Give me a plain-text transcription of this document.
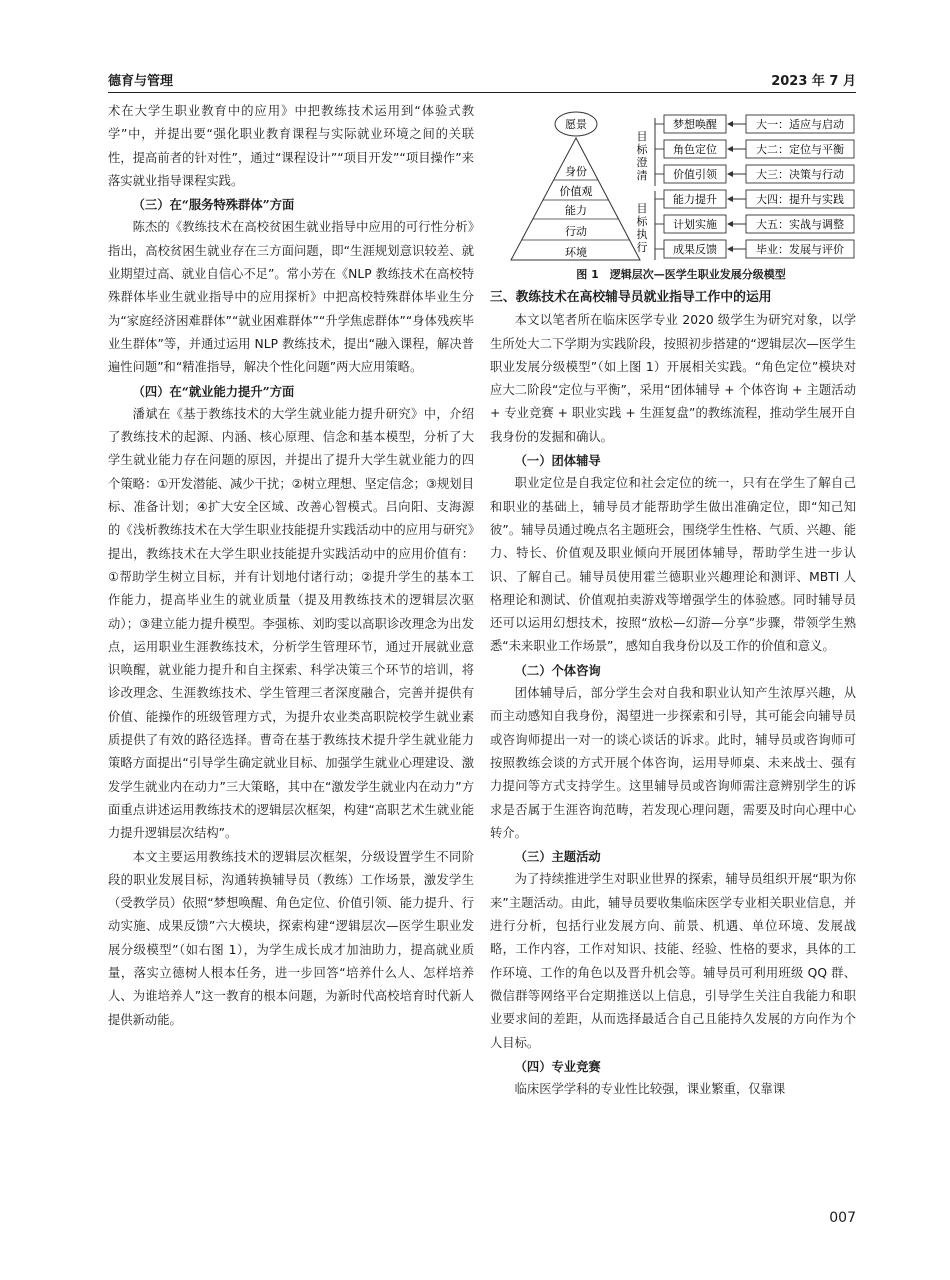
德育与管理	2023 年 7 月

术在大学生职业教育中的应用》中把教练技术运用到“体验式教学”中，并提出要“强化职业教育课程与实际就业环境之间的关联性，提高前者的针对性”，通过“课程设计”“项目开发”“项目操作”来落实就业指导课程实践。

（三）在“服务特殊群体”方面

陈杰的《教练技术在高校贫困生就业指导中应用的可行性分析》指出，高校贫困生就业存在三方面问题，即“生涯规划意识较差、就业期望过高、就业自信心不足”。常小芳在《NLP 教练技术在高校特殊群体毕业生就业指导中的应用探析》中把高校特殊群体毕业生分为“家庭经济困难群体”“就业困难群体”“升学焦虑群体”“身体残疾毕业生群体”等，并通过运用 NLP 教练技术，提出“融入课程，解决普遍性问题”和“精准指导，解决个性化问题”两大应用策略。

（四）在“就业能力提升”方面

潘斌在《基于教练技术的大学生就业能力提升研究》中，介绍了教练技术的起源、内涵、核心原理、信念和基本模型，分析了大学生就业能力存在问题的原因，并提出了提升大学生就业能力的四个策略：①开发潜能、减少干扰；②树立理想、坚定信念；③规划目标、准备计划；④扩大安全区域、改善心智模式。吕向阳、支海源的《浅析教练技术在大学生职业技能提升实践活动中的应用与研究》提出，教练技术在大学生职业技能提升实践活动中的应用价值有：①帮助学生树立目标，并有计划地付诸行动；②提升学生的基本工作能力，提高毕业生的就业质量（提及用教练技术的逻辑层次驱动）；③建立能力提升模型。李强栋、刘昀雯以高职诊改理念为出发点，运用职业生涯教练技术，分析学生管理环节，通过开展就业意识唤醒，就业能力提升和自主探索、科学决策三个环节的培训，将诊改理念、生涯教练技术、学生管理三者深度融合，完善并提供有价值、能操作的班级管理方式，为提升农业类高职院校学生就业素质提供了有效的路径选择。曹奇在基于教练技术提升学生就业能力策略方面提出“引导学生确定就业目标、加强学生就业心理建设、激发学生就业内在动力”三大策略，其中在“激发学生就业内在动力”方面重点讲述运用教练技术的逻辑层次框架，构建“高职艺术生就业能力提升逻辑层次结构”。

本文主要运用教练技术的逻辑层次框架，分级设置学生不同阶段的职业发展目标，沟通转换辅导员（教练）工作场景，激发学生（受教学员）依照“梦想唤醒、角色定位、价值引领、能力提升、行动实施、成果反馈”六大模块，探索构建“逻辑层次—医学生职业发展分级模型”（如右图 1），为学生成长成才加油助力，提高就业质量，落实立德树人根本任务，进一步回答“培养什么人、怎样培养人、为谁培养人”这一教育的根本问题，为新时代高校培育时代新人提供新动能。

愿景
身份
价值观
能力
行动
环境
目标澄清
目标执行
梦想唤醒	大一：适应与启动
角色定位	大二：定位与平衡
价值引领	大三：决策与行动
能力提升	大四：提升与实践
计划实施	大五：实战与调整
成果反馈	毕业：发展与评价
图 1　逻辑层次—医学生职业发展分级模型
三、教练技术在高校辅导员就业指导工作中的运用

本文以笔者所在临床医学专业 2020 级学生为研究对象，以学生所处大二下学期为实践阶段，按照初步搭建的“逻辑层次—医学生职业发展分级模型”（如上图 1）开展相关实践。“角色定位”模块对应大二阶段“定位与平衡”，采用“团体辅导 + 个体咨询 + 主题活动 + 专业竞赛 + 职业实践 + 生涯复盘”的教练流程，推动学生展开自我身份的发掘和确认。

（一）团体辅导

职业定位是自我定位和社会定位的统一，只有在学生了解自己和职业的基础上，辅导员才能帮助学生做出准确定位，即“知己知彼”。辅导员通过晚点名主题班会，围绕学生性格、气质、兴趣、能力、特长、价值观及职业倾向开展团体辅导，帮助学生进一步认识、了解自己。辅导员使用霍兰德职业兴趣理论和测评、MBTI 人格理论和测试、价值观拍卖游戏等增强学生的体验感。同时辅导员还可以运用幻想技术，按照“放松—幻游—分享”步骤，带领学生熟悉“未来职业工作场景”，感知自我身份以及工作的价值和意义。

（二）个体咨询

团体辅导后，部分学生会对自我和职业认知产生浓厚兴趣，从而主动感知自我身份，渴望进一步探索和引导，其可能会向辅导员或咨询师提出一对一的谈心谈话的诉求。此时，辅导员或咨询师可按照教练会谈的方式开展个体咨询，运用导师桌、未来战士、强有力提问等方式支持学生。这里辅导员或咨询师需注意辨别学生的诉求是否属于生涯咨询范畴，若发现心理问题，需要及时向心理中心转介。

（三）主题活动

为了持续推进学生对职业世界的探索，辅导员组织开展“职为你来”主题活动。由此，辅导员要收集临床医学专业相关职业信息，并进行分析，包括行业发展方向、前景、机遇、单位环境、发展战略，工作内容，工作对知识、技能、经验、性格的要求，具体的工作环境、工作的角色以及晋升机会等。辅导员可利用班级 QQ 群、微信群等网络平台定期推送以上信息，引导学生关注自我能力和职业要求间的差距，从而选择最适合自己且能持久发展的方向作为个人目标。

（四）专业竞赛

临床医学学科的专业性比较强，课业繁重，仅靠课

007
